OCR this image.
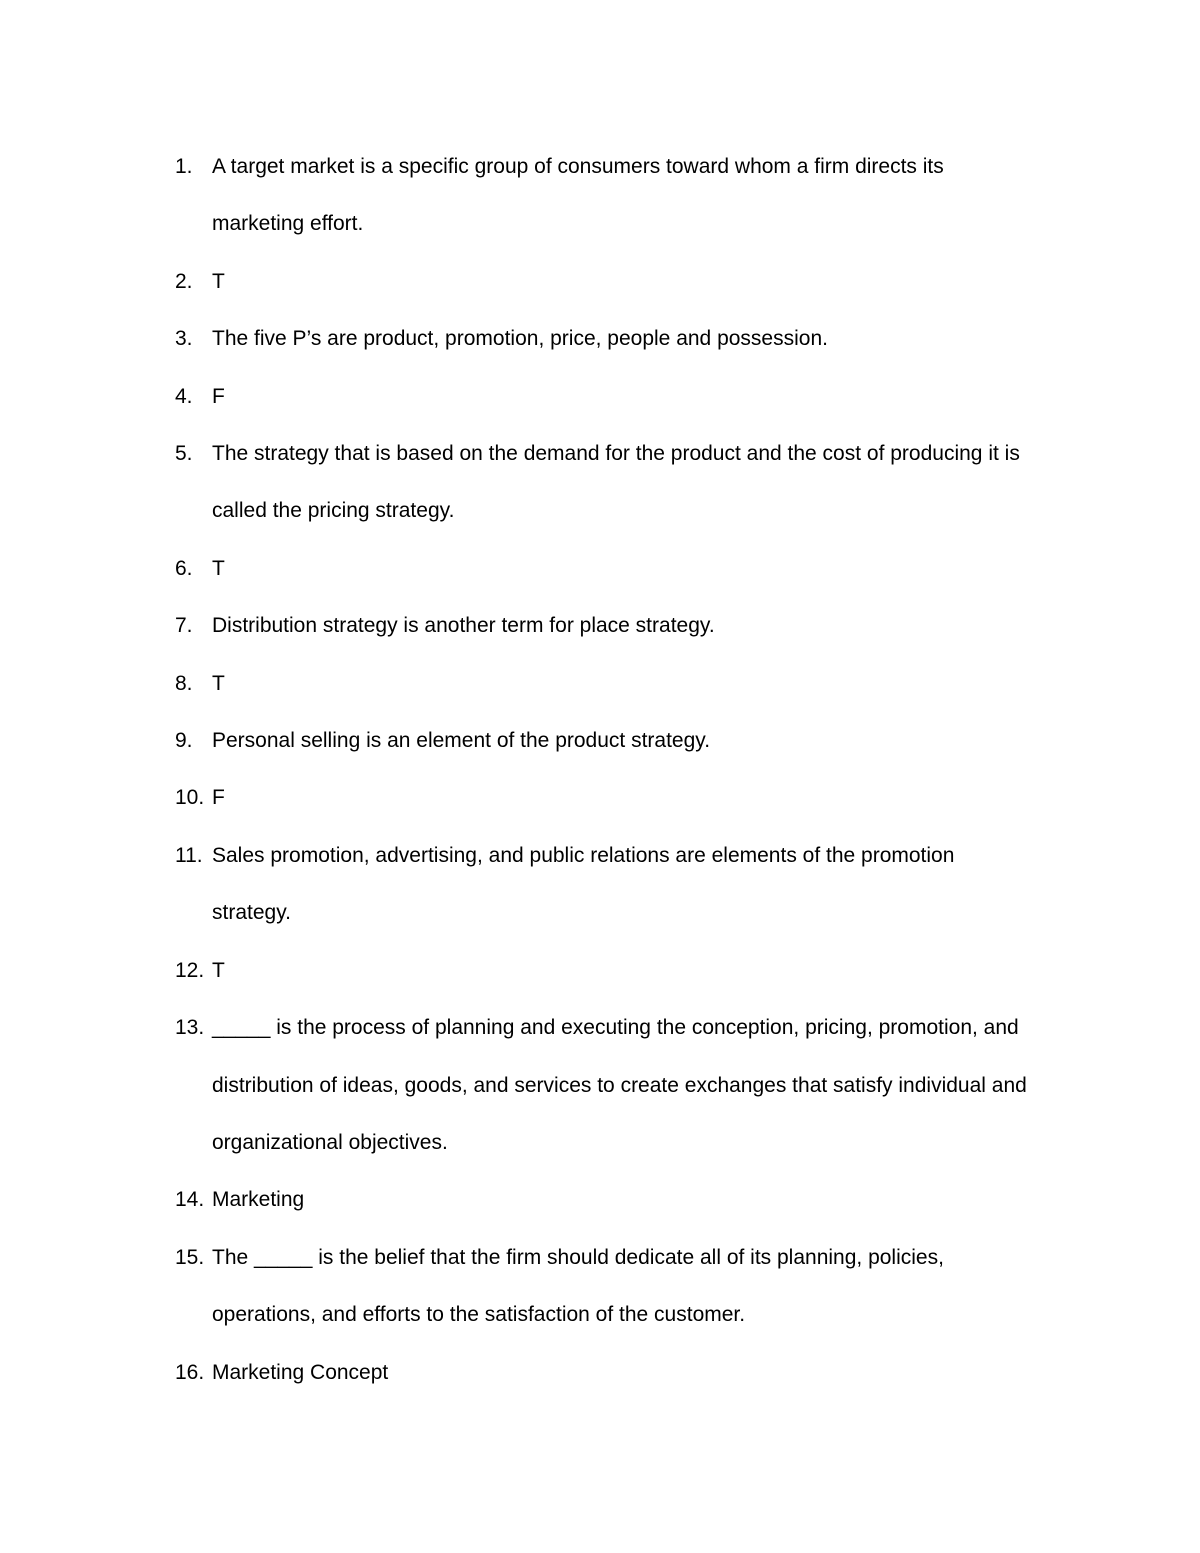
1. A target market is a specific group of consumers toward whom a firm directs its
marketing effort.
2. T
3. The five P’s are product, promotion, price, people and possession.
4. F
5. The strategy that is based on the demand for the product and the cost of producing it is
called the pricing strategy.
6. T
7. Distribution strategy is another term for place strategy.
8. T
9. Personal selling is an element of the product strategy.
10. F
11. Sales promotion, advertising, and public relations are elements of the promotion
strategy.
12. T
13. _____ is the process of planning and executing the conception, pricing, promotion, and
distribution of ideas, goods, and services to create exchanges that satisfy individual and
organizational objectives.
14. Marketing
15. The _____ is the belief that the firm should dedicate all of its planning, policies,
operations, and efforts to the satisfaction of the customer.
16. Marketing Concept
